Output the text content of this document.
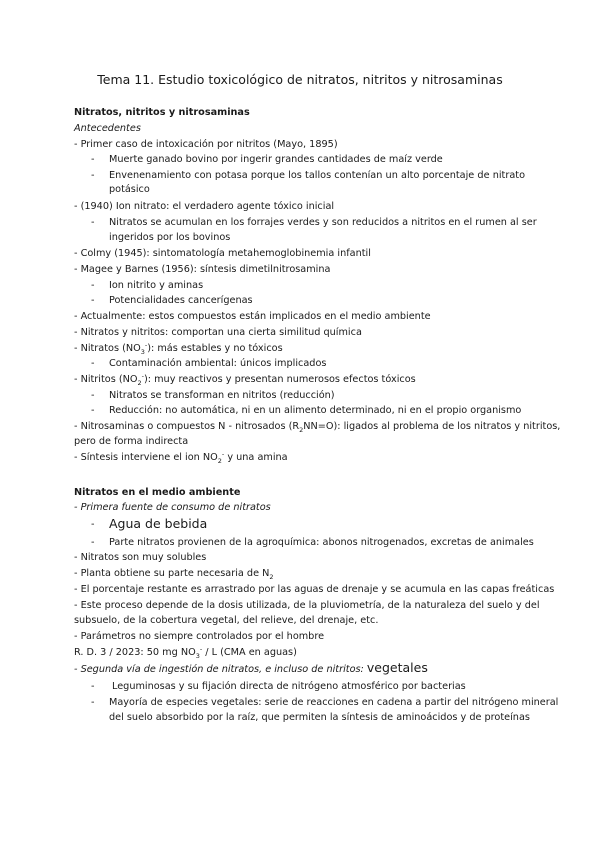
Tema 11. Estudio toxicológico de nitratos, nitritos y nitrosaminas
Nitratos, nitritos y nitrosaminas
Antecedentes
- Primer caso de intoxicación por nitritos (Mayo, 1895)
- Muerte ganado bovino por ingerir grandes cantidades de maíz verde
- Envenenamiento con potasa porque los tallos contenían un alto porcentaje de nitrato
potásico
- (1940) Ion nitrato: el verdadero agente tóxico inicial
- Nitratos se acumulan en los forrajes verdes y son reducidos a nitritos en el rumen al ser
ingeridos por los bovinos
- Colmy (1945): sintomatología metahemoglobinemia infantil
- Magee y Barnes (1956): síntesis dimetilnitrosamina
- Ion nitrito y aminas
- Potencialidades cancerígenas
- Actualmente: estos compuestos están implicados en el medio ambiente
- Nitratos y nitritos: comportan una cierta similitud química
- Nitratos $(NO_3^-)$: más estables y no tóxicos
- Contaminación ambiental: únicos implicados
- Nitritos $(NO_2^-)$: muy reactivos y presentan numerosos efectos tóxicos
- Nitratos se transforman en nitritos (reducción)
- Reducción: no automática, ni en un alimento determinado, ni en el propio organismo
- Nitrosaminas o compuestos N - nitrosados $(R_2NN=O)$: ligados al problema de los nitratos y nitritos,
pero de forma indirecta
- Síntesis interviene el ion $NO_2^-$ y una amina
Nitratos en el medio ambiente
- Primera fuente de consumo de nitratos
- Agua de bebida
- Parte nitratos provienen de la agroquímica: abonos nitrogenados, excretas de animales
- Nitratos son muy solubles
- Planta obtiene su parte necesaria de $N_2$
- El porcentaje restante es arrastrado por las aguas de drenaje y se acumula en las capas freáticas
- Este proceso depende de la dosis utilizada, de la pluviometría, de la naturaleza del suelo y del
subsuelo, de la cobertura vegetal, del relieve, del drenaje, etc.
- Parámetros no siempre controlados por el hombre
R. D. 3 / 2023: 50 mg $NO_3^-$ / L (CMA en aguas)
- Segunda vía de ingestión de nitratos, e incluso de nitritos: vegetales
- Leguminosas y su fijación directa de nitrógeno atmosférico por bacterias
- Mayoría de especies vegetales: serie de reacciones en cadena a partir del nitrógeno mineral
del suelo absorbido por la raíz, que permiten la síntesis de aminoácidos y de proteínas
